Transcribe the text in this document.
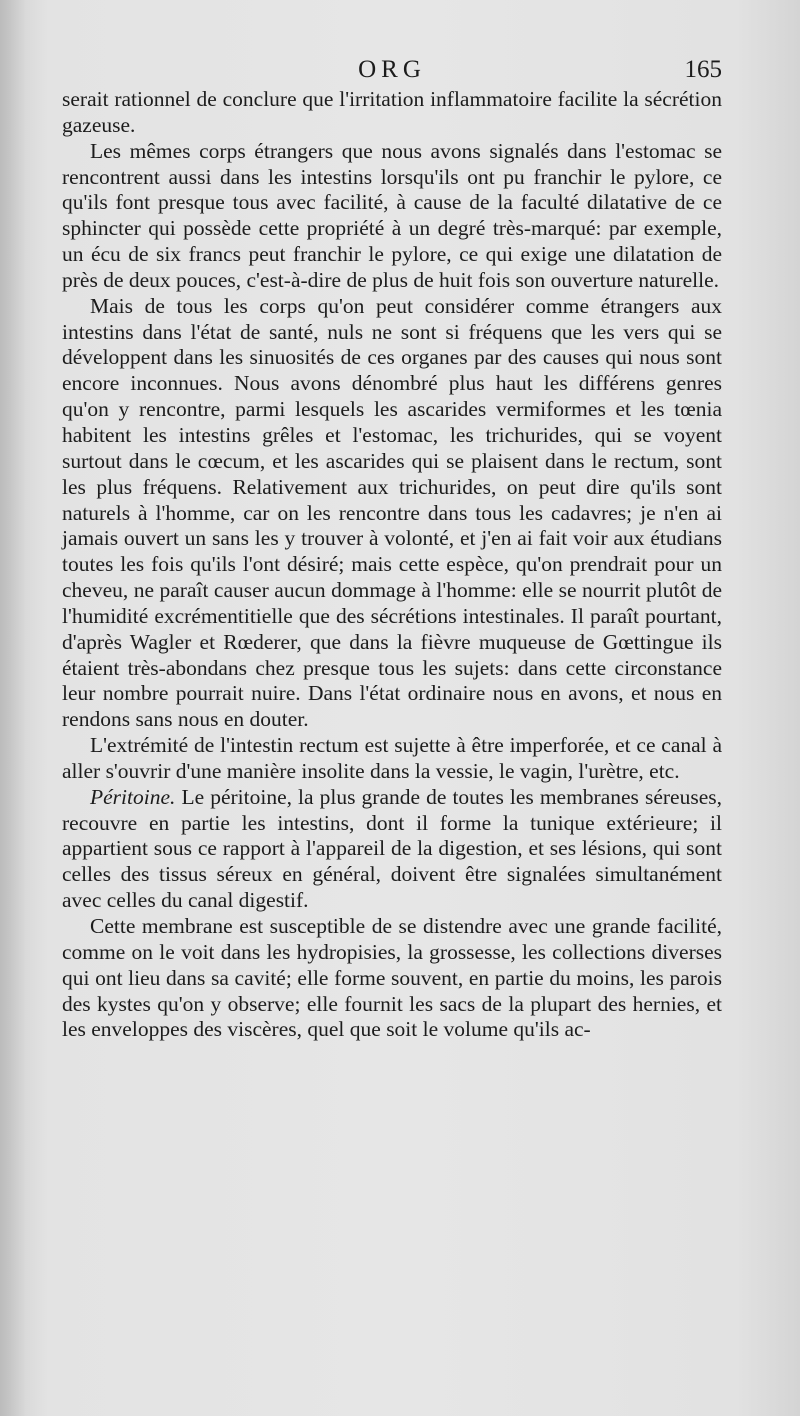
ORG	165

serait rationnel de conclure que l'irritation inflammatoire facilite la sécrétion gazeuse.

Les mêmes corps étrangers que nous avons signalés dans l'estomac se rencontrent aussi dans les intestins lorsqu'ils ont pu franchir le pylore, ce qu'ils font presque tous avec facilité, à cause de la faculté dilatative de ce sphincter qui possède cette propriété à un degré très-marqué: par exemple, un écu de six francs peut franchir le pylore, ce qui exige une dilatation de près de deux pouces, c'est-à-dire de plus de huit fois son ouverture naturelle.

Mais de tous les corps qu'on peut considérer comme étrangers aux intestins dans l'état de santé, nuls ne sont si fréquens que les vers qui se développent dans les sinuosités de ces organes par des causes qui nous sont encore inconnues. Nous avons dénombré plus haut les différens genres qu'on y rencontre, parmi lesquels les ascarides vermiformes et les tœnia habitent les intestins grêles et l'estomac, les trichurides, qui se voyent surtout dans le cœcum, et les ascarides qui se plaisent dans le rectum, sont les plus fréquens. Relativement aux trichurides, on peut dire qu'ils sont naturels à l'homme, car on les rencontre dans tous les cadavres; je n'en ai jamais ouvert un sans les y trouver à volonté, et j'en ai fait voir aux étudians toutes les fois qu'ils l'ont désiré; mais cette espèce, qu'on prendrait pour un cheveu, ne paraît causer aucun dommage à l'homme: elle se nourrit plutôt de l'humidité excrémentitielle que des sécrétions intestinales. Il paraît pourtant, d'après Wagler et Rœderer, que dans la fièvre muqueuse de Gœttingue ils étaient très-abondans chez presque tous les sujets: dans cette circonstance leur nombre pourrait nuire. Dans l'état ordinaire nous en avons, et nous en rendons sans nous en douter.

L'extrémité de l'intestin rectum est sujette à être imperforée, et ce canal à aller s'ouvrir d'une manière insolite dans la vessie, le vagin, l'urètre, etc.

Péritoine. Le péritoine, la plus grande de toutes les membranes séreuses, recouvre en partie les intestins, dont il forme la tunique extérieure; il appartient sous ce rapport à l'appareil de la digestion, et ses lésions, qui sont celles des tissus séreux en général, doivent être signalées simultanément avec celles du canal digestif.

Cette membrane est susceptible de se distendre avec une grande facilité, comme on le voit dans les hydropisies, la grossesse, les collections diverses qui ont lieu dans sa cavité; elle forme souvent, en partie du moins, les parois des kystes qu'on y observe; elle fournit les sacs de la plupart des hernies, et les enveloppes des viscères, quel que soit le volume qu'ils ac-
